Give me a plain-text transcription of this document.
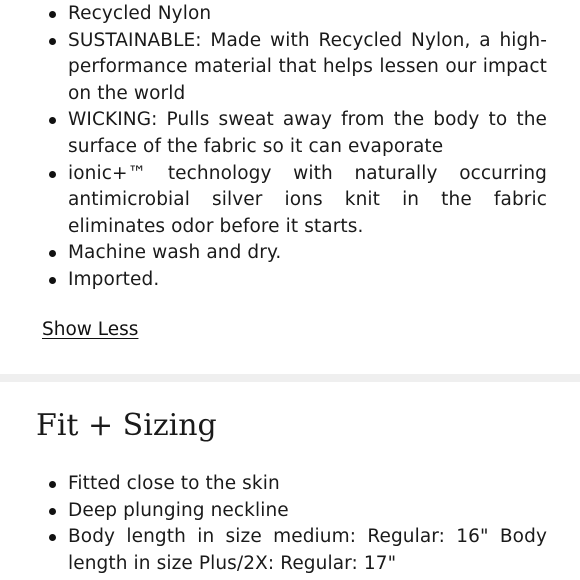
Recycled Nylon
SUSTAINABLE: Made with Recycled Nylon, a high-performance material that helps lessen our impact on the world
WICKING: Pulls sweat away from the body to the surface of the fabric so it can evaporate
ionic+™ technology with naturally occurring antimicrobial silver ions knit in the fabric eliminates odor before it starts.
Machine wash and dry.
Imported.
Show Less
Fit + Sizing
Fitted close to the skin
Deep plunging neckline
Body length in size medium: Regular: 16" Body length in size Plus/2X: Regular: 17"
